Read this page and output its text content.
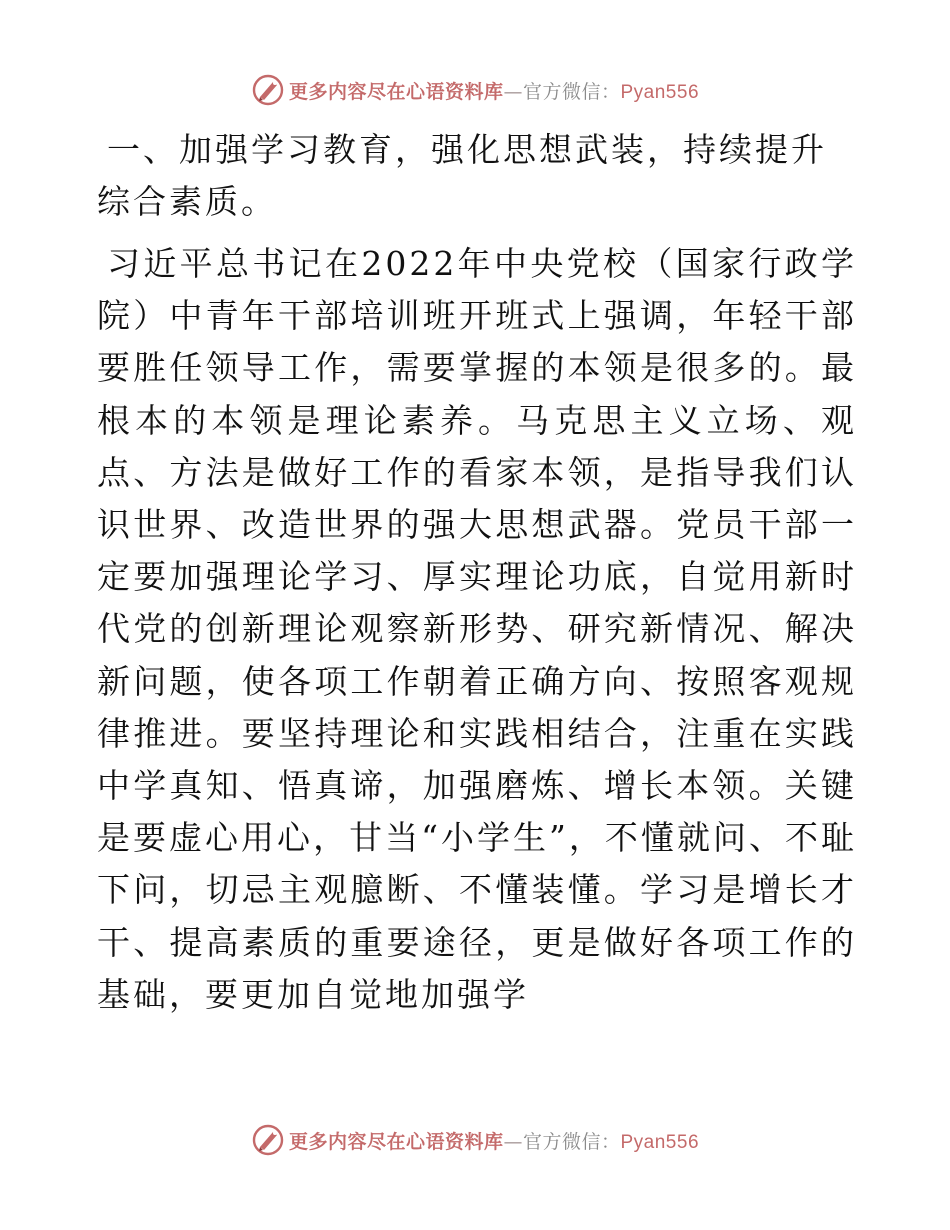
更多内容尽在心语资料库—官方微信：Pyan556

一、加强学习教育，强化思想武装，持续提升综合素质。

习近平总书记在2022年中央党校（国家行政学院）中青年干部培训班开班式上强调，年轻干部要胜任领导工作，需要掌握的本领是很多的。最根本的本领是理论素养。马克思主义立场、观点、方法是做好工作的看家本领，是指导我们认识世界、改造世界的强大思想武器。党员干部一定要加强理论学习、厚实理论功底，自觉用新时代党的创新理论观察新形势、研究新情况、解决新问题，使各项工作朝着正确方向、按照客观规律推进。要坚持理论和实践相结合，注重在实践中学真知、悟真谛，加强磨炼、增长本领。关键是要虚心用心，甘当“小学生”，不懂就问、不耻下问，切忌主观臆断、不懂装懂。学习是增长才干、提高素质的重要途径，更是做好各项工作的基础，要更加自觉地加强学

更多内容尽在心语资料库—官方微信：Pyan556
